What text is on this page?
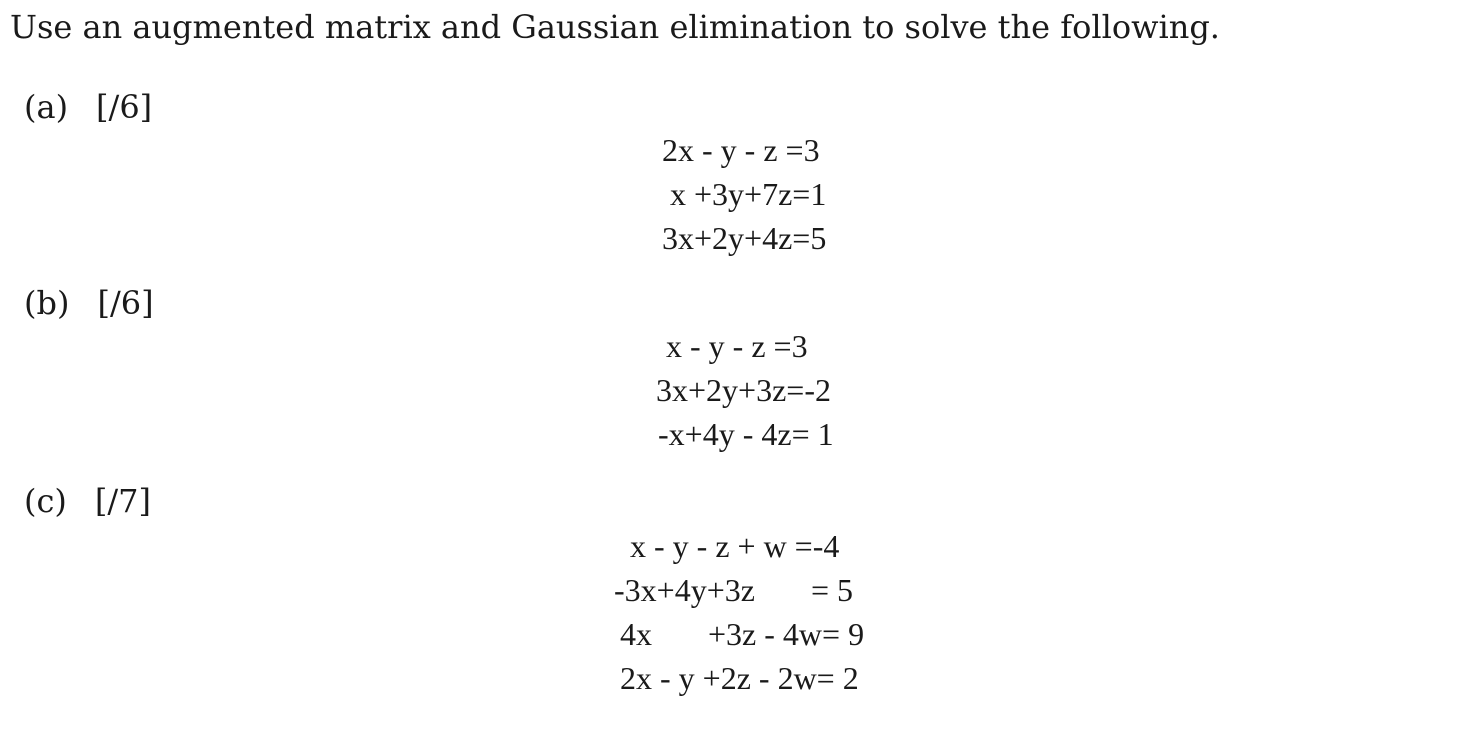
Use an augmented matrix and Gaussian elimination to solve the following.
(a) [/6]
2x - y - z =3
x +3y+7z=1
3x+2y+4z=5
(b) [/6]
x - y - z =3
3x+2y+3z=-2
-x+4y - 4z= 1
(c) [/7]
x - y - z + w =-4
-3x+4y+3z       = 5
4x       +3z - 4w= 9
2x - y +2z - 2w= 2
